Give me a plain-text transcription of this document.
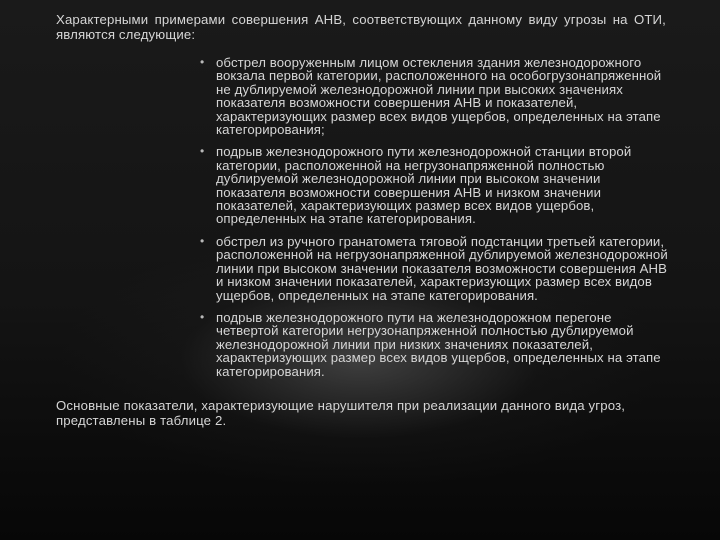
Характерными примерами совершения АНВ, соответствующих данному виду угрозы на ОТИ, являются следующие:
• обстрел вооруженным лицом остекления здания железнодорожного вокзала первой категории, расположенного на особогрузонапряженной не дублируемой железнодорожной линии при высоких значениях показателя возможности совершения АНВ и показателей, характеризующих размер всех видов ущербов, определенных на этапе категорирования;
• подрыв железнодорожного пути железнодорожной станции второй категории, расположенной на негрузонапряженной полностью дублируемой железнодорожной линии при высоком значении показателя возможности совершения АНВ и низком значении показателей, характеризующих размер всех видов ущербов, определенных на этапе категорирования.
• обстрел из ручного гранатомета тяговой подстанции третьей категории, расположенной на негрузонапряженной дублируемой железнодорожной линии при высоком значении показателя возможности совершения АНВ и низком значении показателей, характеризующих размер всех видов ущербов, определенных на этапе категорирования.
• подрыв железнодорожного пути на железнодорожном перегоне четвертой категории негрузонапряженной полностью дублируемой железнодорожной линии при низких значениях показателей, характеризующих размер всех видов ущербов, определенных на этапе категорирования.
Основные показатели, характеризующие нарушителя при реализации данного вида угроз, представлены в таблице 2.
